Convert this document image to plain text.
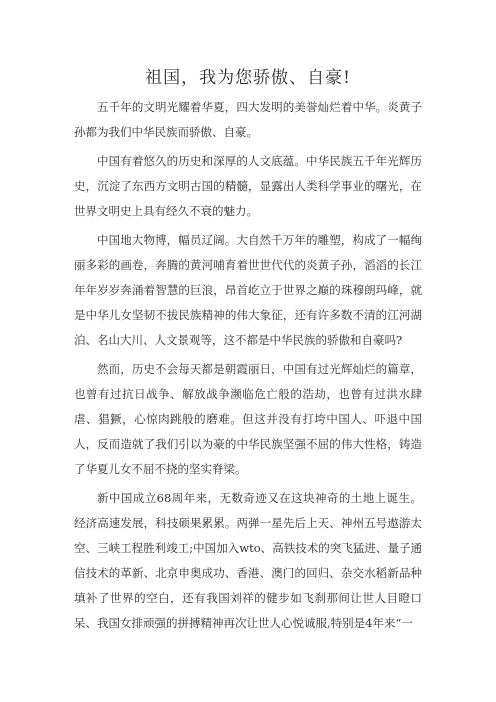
祖国，我为您骄傲、自豪!

五千年的文明光耀着华夏，四大发明的美誉灿烂着中华。炎黄子孙都为我们中华民族而骄傲、自豪。

中国有着悠久的历史和深厚的人文底蕴。中华民族五千年光辉历史，沉淀了东西方文明古国的精髓，显露出人类科学事业的曙光，在世界文明史上具有经久不衰的魅力。

中国地大物博，幅员辽阔。大自然千万年的雕塑，构成了一幅绚丽多彩的画卷，奔腾的黄河哺育着世世代代的炎黄子孙，滔滔的长江年年岁岁奔涌着智慧的巨浪，昂首屹立于世界之巅的珠穆朗玛峰，就是中华儿女坚韧不拔民族精神的伟大象征，还有许多数不清的江河湖泊、名山大川、人文景观等，这不都是中华民族的骄傲和自豪吗?

然而，历史不会每天都是朝霞丽日，中国有过光辉灿烂的篇章，也曾有过抗日战争、解放战争濒临危亡般的浩劫，也曾有过洪水肆虐、猖獗，心惊肉跳般的磨难。但这并没有打垮中国人、吓退中国人，反而造就了我们引以为豪的中华民族坚强不屈的伟大性格，铸造了华夏儿女不屈不挠的坚实脊梁。

新中国成立68周年来，无数奇迹又在这块神奇的土地上诞生。经济高速发展，科技硕果累累。两弹一星先后上天、神州五号遨游太空、三峡工程胜利竣工;中国加入wto、高铁技术的突飞猛进、量子通信技术的革新、北京申奥成功、香港、澳门的回归、杂交水稻新品种填补了世界的空白，还有我国刘祥的健步如飞刹那间让世人目瞪口呆、我国女排顽强的拼搏精神再次让世人心悦诚服,特别是4年来“一
